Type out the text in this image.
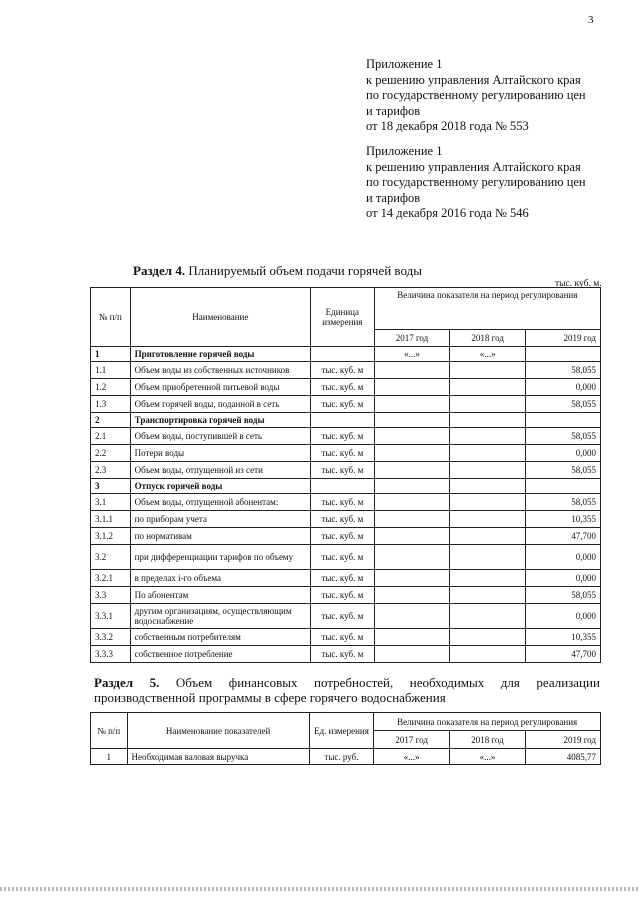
3
Приложение 1
к решению управления Алтайского края
по государственному регулированию цен
и тарифов
от 18 декабря 2018 года № 553
Приложение 1
к решению управления Алтайского края
по государственному регулированию цен
и тарифов
от 14 декабря 2016 года № 546
Раздел 4. Планируемый объем подачи горячей воды
тыс. куб. м.
№ п/п	Наименование	Единица измерения	Величина показателя на период регулирования		
			2017 год	2018 год	2019 год
1	Приготовление горячей воды		«...»	«...»	
1.1	Объем воды из собственных источников	тыс. куб. м			58,055
1.2	Объем приобретенной питьевой воды	тыс. куб. м			0,000
1.3	Объем горячей воды, поданной в сеть	тыс. куб. м			58,055
2	Транспортировка горячей воды				
2.1	Объем воды, поступившей в сеть	тыс. куб. м			58,055
2.2	Потери воды	тыс. куб. м			0,000
2.3	Объем воды, отпущенной из сети	тыс. куб. м			58,055
3	Отпуск горячей воды				
3.1	Объем воды, отпущенной абонентам:	тыс. куб. м			58,055
3.1.1	по приборам учета	тыс. куб. м			10,355
3.1.2	по нормативам	тыс. куб. м			47,700
3.2	при дифференциации тарифов по объему	тыс. куб. м			0,000
3.2.1	в пределах i-го объема	тыс. куб. м			0,000
3.3	По абонентам	тыс. куб. м			58,055
3.3.1	другим организациям, осуществляющим водоснабжение	тыс. куб. м			0,000
3.3.2	собственным потребителям	тыс. куб. м			10,355
3.3.3	собственное потребление	тыс. куб. м			47,700
Раздел 5. Объем финансовых потребностей, необходимых для реализации
производственной программы в сфере горячего водоснабжения
№ п/п	Наименование показателей	Ед. измерения	Величина показателя на период регулирования		
			2017 год	2018 год	2019 год
1	Необходимая валовая выручка	тыс. руб.	«...»	«...»	4085,77
